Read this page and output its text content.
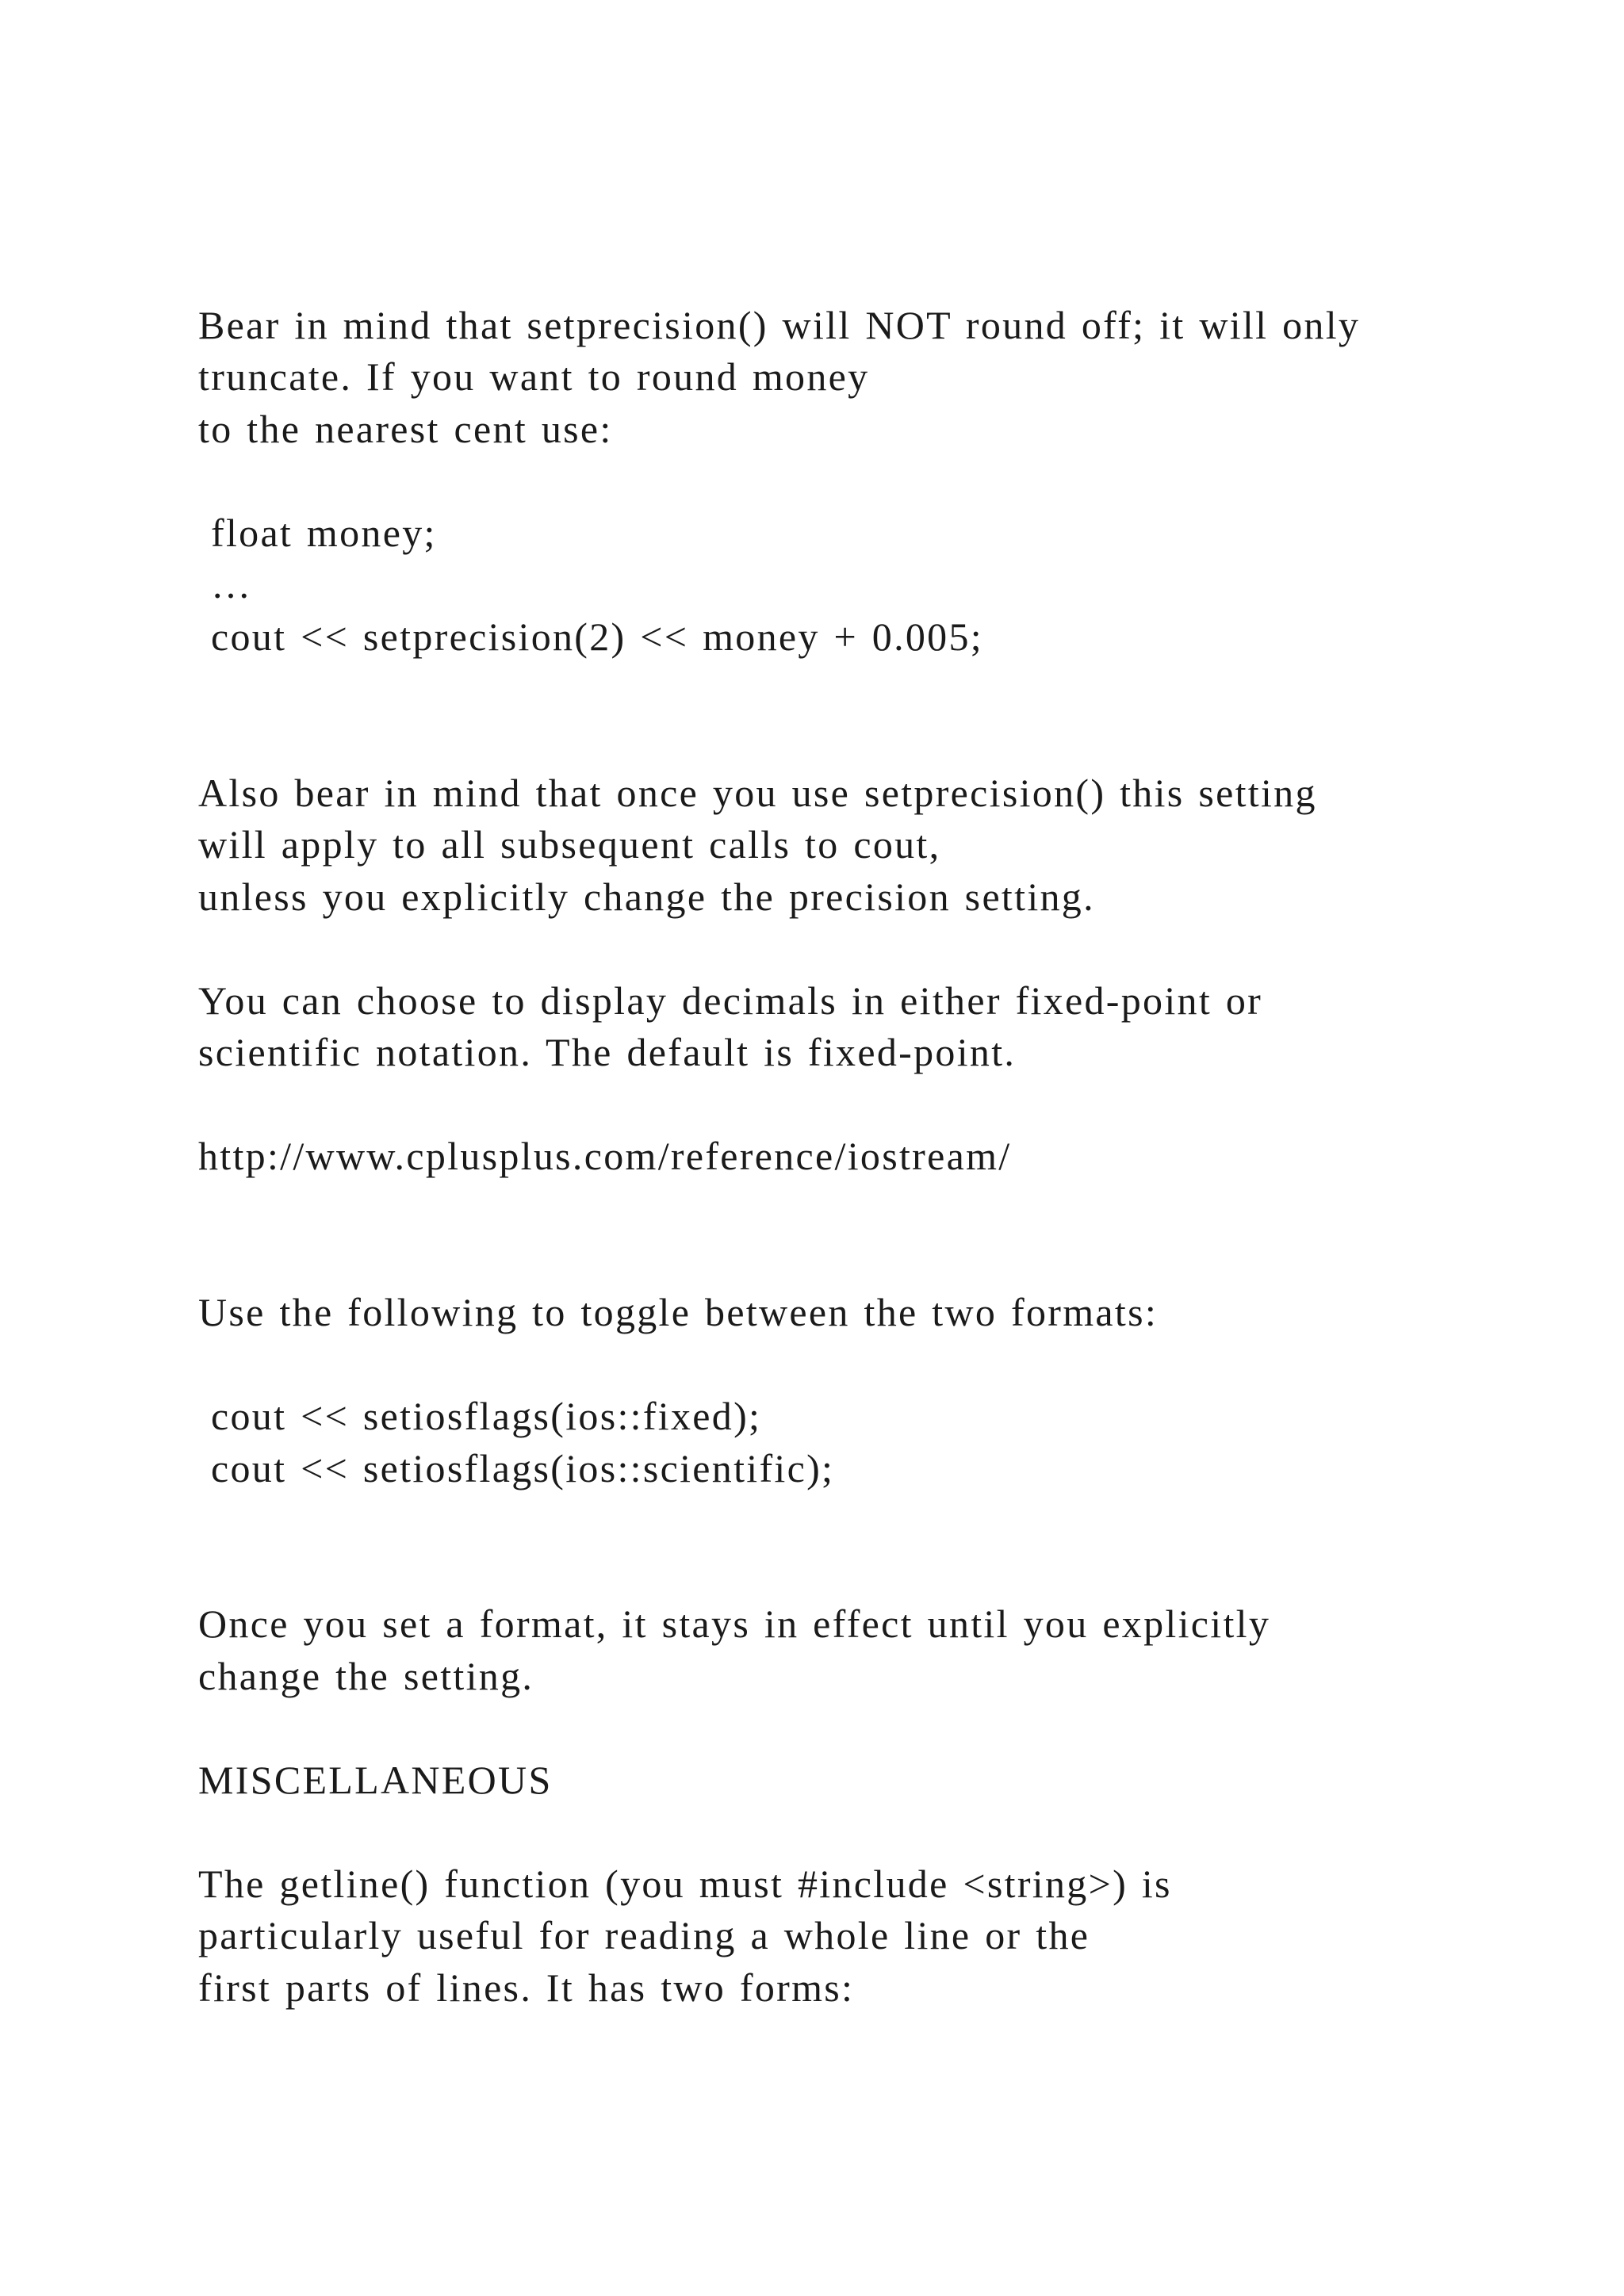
Bear in mind that setprecision() will NOT round off; it will only

truncate. If you want to round money

to the nearest cent use:

float money;

…

cout << setprecision(2) << money + 0.005;

Also bear in mind that once you use setprecision() this setting

will apply to all subsequent calls to cout,

unless you explicitly change the precision setting.

You can choose to display decimals in either fixed-point or

scientific notation. The default is fixed-point.

http://www.cplusplus.com/reference/iostream/

Use the following to toggle between the two formats:

cout << setiosflags(ios::fixed);

cout << setiosflags(ios::scientific);

Once you set a format, it stays in effect until you explicitly

change the setting.

MISCELLANEOUS

The getline() function (you must #include <string>) is

particularly useful for reading a whole line or the

first parts of lines. It has two forms:
